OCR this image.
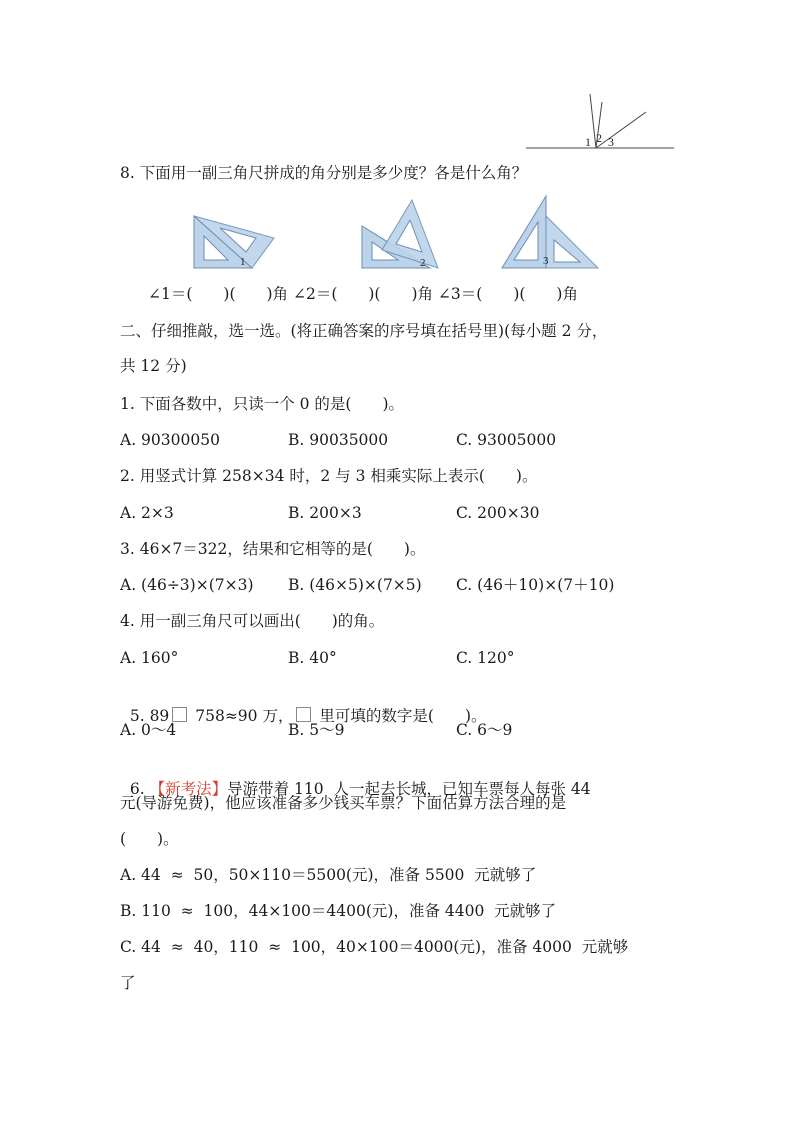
1 2 3
8. 下面用一副三角尺拼成的角分别是多少度？各是什么角？
1	2	3
∠1＝(　　)(　　)角 ∠2＝(　　)(　　)角 ∠3＝(　　)(　　)角
二、仔细推敲，选一选。(将正确答案的序号填在括号里)(每小题 2 分，
共 12 分)
1. 下面各数中，只读一个 0 的是(　　)。
A. 90300050	B. 90035000	C. 93005000
2. 用竖式计算 258×34 时，2 与 3 相乘实际上表示(　　)。
A. 2×3	B. 200×3	C. 200×30
3. 46×7＝322，结果和它相等的是(　　)。
A. (46÷3)×(7×3) B. (46×5)×(7×5) C. (46＋10)×(7＋10)
4. 用一副三角尺可以画出(　　)的角。
A. 160°	B. 40°	C. 120°

5. 89 758≈90 万， 里可填的数字是(　　)。

A. 0～4	B. 5～9	C. 6～9

6. 【新考法】导游带着 110  人一起去长城，已知车票每人每张 44

元(导游免费)，他应该准备多少钱买车票？下面估算方法合理的是
(　　)。
A. 44  ≈  50，50×110＝5500(元)，准备 5500  元就够了
B. 110  ≈  100，44×100＝4400(元)，准备 4400  元就够了
C. 44  ≈  40，110  ≈  100，40×100＝4000(元)，准备 4000  元就够
了
